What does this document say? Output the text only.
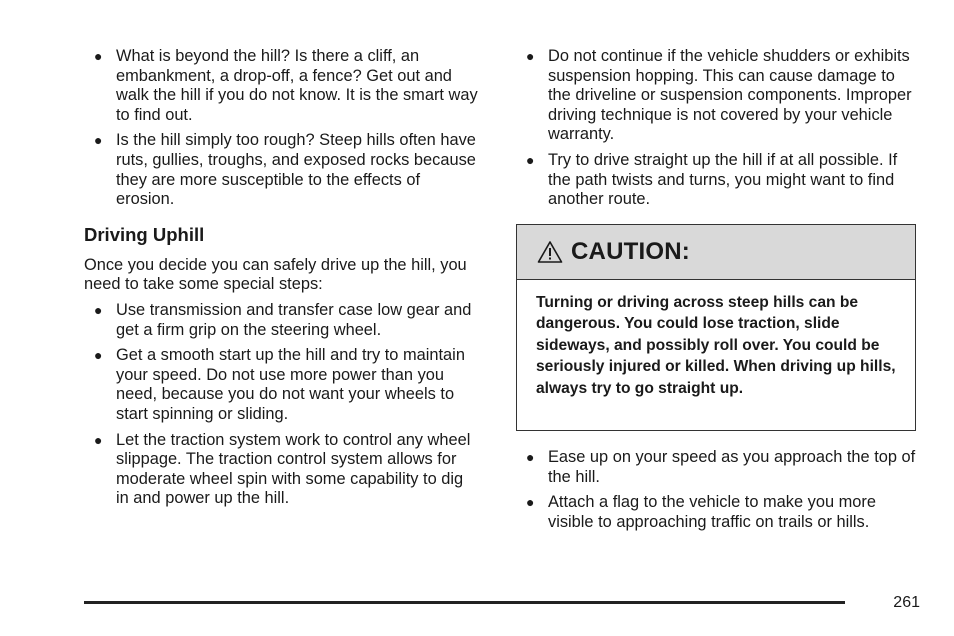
● What is beyond the hill? Is there a cliff, an embankment, a drop-off, a fence? Get out and walk the hill if you do not know. It is the smart way to find out.
● Is the hill simply too rough? Steep hills often have ruts, gullies, troughs, and exposed rocks because they are more susceptible to the effects of erosion.
Driving Uphill

Once you decide you can safely drive up the hill, you need to take some special steps:

● Use transmission and transfer case low gear and get a firm grip on the steering wheel.
● Get a smooth start up the hill and try to maintain your speed. Do not use more power than you need, because you do not want your wheels to start spinning or sliding.
● Let the traction system work to control any wheel slippage. The traction control system allows for moderate wheel spin with some capability to dig in and power up the hill.
● Do not continue if the vehicle shudders or exhibits suspension hopping. This can cause damage to the driveline or suspension components. Improper driving technique is not covered by your vehicle warranty.
● Try to drive straight up the hill if at all possible. If the path twists and turns, you might want to find another route.
CAUTION:
Turning or driving across steep hills can be dangerous. You could lose traction, slide sideways, and possibly roll over. You could be seriously injured or killed. When driving up hills, always try to go straight up.
● Ease up on your speed as you approach the top of the hill.
● Attach a flag to the vehicle to make you more visible to approaching traffic on trails or hills.
261
